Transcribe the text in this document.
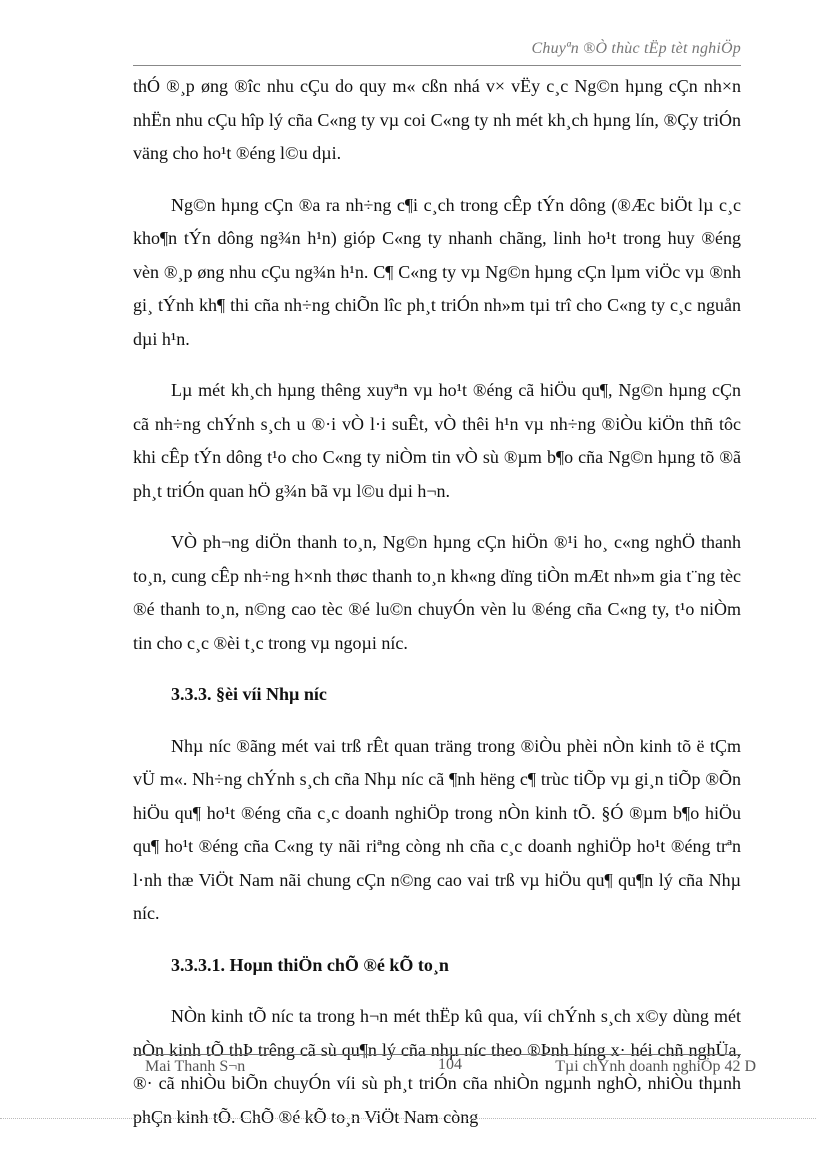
Chuyªn ®Ò thùc tËp tèt nghiÖp

thÓ ®¸p øng ®îc nhu cÇu do quy m« cßn nhá v× vËy c¸c Ng©n hµng cÇn nh×n nhËn nhu cÇu hîp lý cña C«ng ty vµ coi C«ng ty nh mét kh¸ch hµng lín, ®Çy triÓn väng cho ho¹t ®éng l©u dµi.

Ng©n hµng cÇn ®a ra nh÷ng c¶i c¸ch trong cÊp tÝn dông (®Æc biÖt lµ c¸c kho¶n tÝn dông ng¾n h¹n) gióp C«ng ty nhanh chãng, linh ho¹t trong huy ®éng vèn ®¸p øng nhu cÇu ng¾n h¹n. C¶ C«ng ty vµ Ng©n hµng cÇn lµm viÖc vµ ®nh gi¸ tÝnh kh¶ thi cña nh÷ng chiÕn lîc ph¸t triÓn nh»m tµi trî cho C«ng ty c¸c nguån dµi h¹n.

Lµ mét kh¸ch hµng thêng xuyªn vµ ho¹t ®éng cã hiÖu qu¶, Ng©n hµng cÇn cã nh÷ng chÝnh s¸ch u ®·i vÒ l·i suÊt, vÒ thêi h¹n vµ nh÷ng ®iÒu kiÖn thñ tôc khi cÊp tÝn dông t¹o cho C«ng ty niÒm tin vÒ sù ®µm b¶o cña Ng©n hµng tõ ®ã ph¸t triÓn quan hÖ g¾n bã vµ l©u dµi h¬n.

VÒ ph¬ng diÖn thanh to¸n, Ng©n hµng cÇn hiÖn ®¹i ho¸ c«ng nghÖ thanh to¸n, cung cÊp nh÷ng h×nh thøc thanh to¸n kh«ng dïng tiÒn mÆt nh»m gia t¨ng tèc ®é thanh to¸n, n©ng cao tèc ®é lu©n chuyÓn vèn lu ®éng cña C«ng ty, t¹o niÒm tin cho c¸c ®èi t¸c trong vµ ngoµi níc.

3.3.3. §èi víi Nhµ níc

Nhµ níc ®ãng mét vai trß rÊt quan träng trong ®iÒu phèi nÒn kinh tõ ë tÇm vÜ m«. Nh÷ng chÝnh s¸ch cña Nhµ níc cã ¶nh hëng c¶ trùc tiÕp vµ gi¸n tiÕp ®Õn hiÖu qu¶ ho¹t ®éng cña c¸c doanh nghiÖp trong nÒn kinh tÕ. §Ó ®µm b¶o hiÖu qu¶ ho¹t ®éng cña C«ng ty nãi riªng còng nh cña c¸c doanh nghiÖp ho¹t ®éng trªn l·nh thæ ViÖt Nam nãi chung cÇn n©ng cao vai trß vµ hiÖu qu¶ qu¶n lý cña Nhµ níc.

3.3.3.1. Hoµn thiÖn chÕ ®é kÕ to¸n

NÒn kinh tÕ níc ta trong h¬n mét thËp kû qua, víi chÝnh s¸ch x©y dùng mét nÒn kinh tÕ thÞ trêng cã sù qu¶n lý cña nhµ níc theo ®Þnh híng x· héi chñ nghÜa, ®· cã nhiÒu biÕn chuyÓn víi sù ph¸t triÓn cña nhiÒn ngµnh nghÒ, nhiÒu thµnh phÇn kinh tÕ. ChÕ ®é kÕ to¸n ViÖt Nam còng

Mai Thanh S¬n	104	Tµi chÝnh doanh nghiÖp 42 D
